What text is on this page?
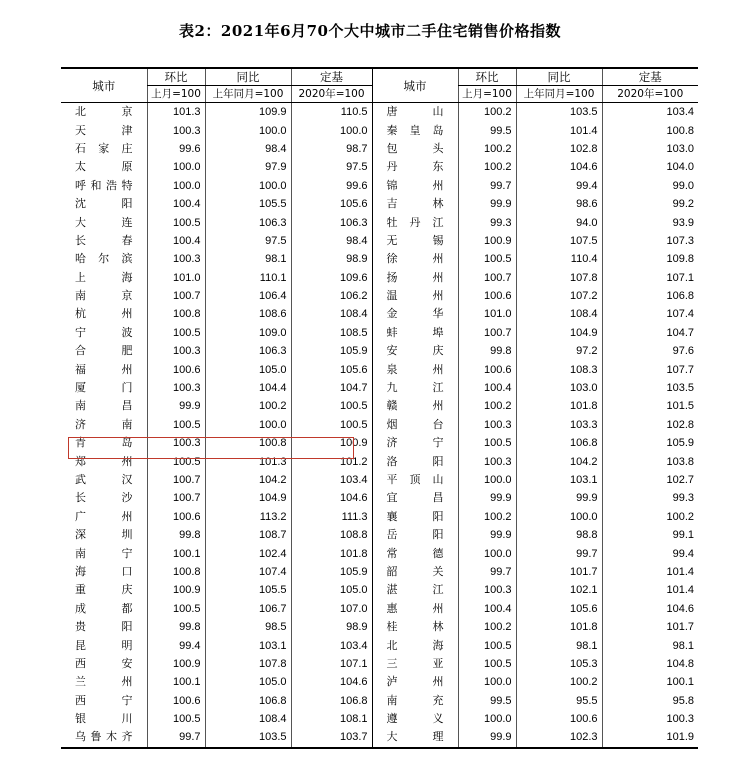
表2：2021年6月70个大中城市二手住宅销售价格指数
城市	环比	同比	定基	城市	环比	同比	定基
	上月=100	上年同月=100	2020年=100		上月=100	上年同月=100	2020年=100
北 京	101.3	109.9	110.5	唐 山	100.2	103.5	103.4
天 津	100.3	100.0	100.0	秦皇岛	99.5	101.4	100.8
石家庄	99.6	98.4	98.7	包 头	100.2	102.8	103.0
太 原	100.0	97.9	97.5	丹 东	100.2	104.6	104.0
呼和浩特	100.0	100.0	99.6	锦 州	99.7	99.4	99.0
沈 阳	100.4	105.5	105.6	吉 林	99.9	98.6	99.2
大 连	100.5	106.3	106.3	牡丹江	99.3	94.0	93.9
长 春	100.4	97.5	98.4	无 锡	100.9	107.5	107.3
哈尔滨	100.3	98.1	98.9	徐 州	100.5	110.4	109.8
上 海	101.0	110.1	109.6	扬 州	100.7	107.8	107.1
南 京	100.7	106.4	106.2	温 州	100.6	107.2	106.8
杭 州	100.8	108.6	108.4	金 华	101.0	108.4	107.4
宁 波	100.5	109.0	108.5	蚌 埠	100.7	104.9	104.7
合 肥	100.3	106.3	105.9	安 庆	99.8	97.2	97.6
福 州	100.6	105.0	105.6	泉 州	100.6	108.3	107.7
厦 门	100.3	104.4	104.7	九 江	100.4	103.0	103.5
南 昌	99.9	100.2	100.5	赣 州	100.2	101.8	101.5
济 南	100.5	100.0	100.5	烟 台	100.3	103.3	102.8
青 岛	100.3	100.8	100.9	济 宁	100.5	106.8	105.9
郑 州	100.5	101.3	101.2	洛 阳	100.3	104.2	103.8
武 汉	100.7	104.2	103.4	平顶山	100.0	103.1	102.7
长 沙	100.7	104.9	104.6	宜 昌	99.9	99.9	99.3
广 州	100.6	113.2	111.3	襄 阳	100.2	100.0	100.2
深 圳	99.8	108.7	108.8	岳 阳	99.9	98.8	99.1
南 宁	100.1	102.4	101.8	常 德	100.0	99.7	99.4
海 口	100.8	107.4	105.9	韶 关	99.7	101.7	101.4
重 庆	100.9	105.5	105.0	湛 江	100.3	102.1	101.4
成 都	100.5	106.7	107.0	惠 州	100.4	105.6	104.6
贵 阳	99.8	98.5	98.9	桂 林	100.2	101.8	101.7
昆 明	99.4	103.1	103.4	北 海	100.5	98.1	98.1
西 安	100.9	107.8	107.1	三 亚	100.5	105.3	104.8
兰 州	100.1	105.0	104.6	泸 州	100.0	100.2	100.1
西 宁	100.6	106.8	106.8	南 充	99.5	95.5	95.8
银 川	100.5	108.4	108.1	遵 义	100.0	100.6	100.3
乌鲁木齐	99.7	103.5	103.7	大 理	99.9	102.3	101.9
